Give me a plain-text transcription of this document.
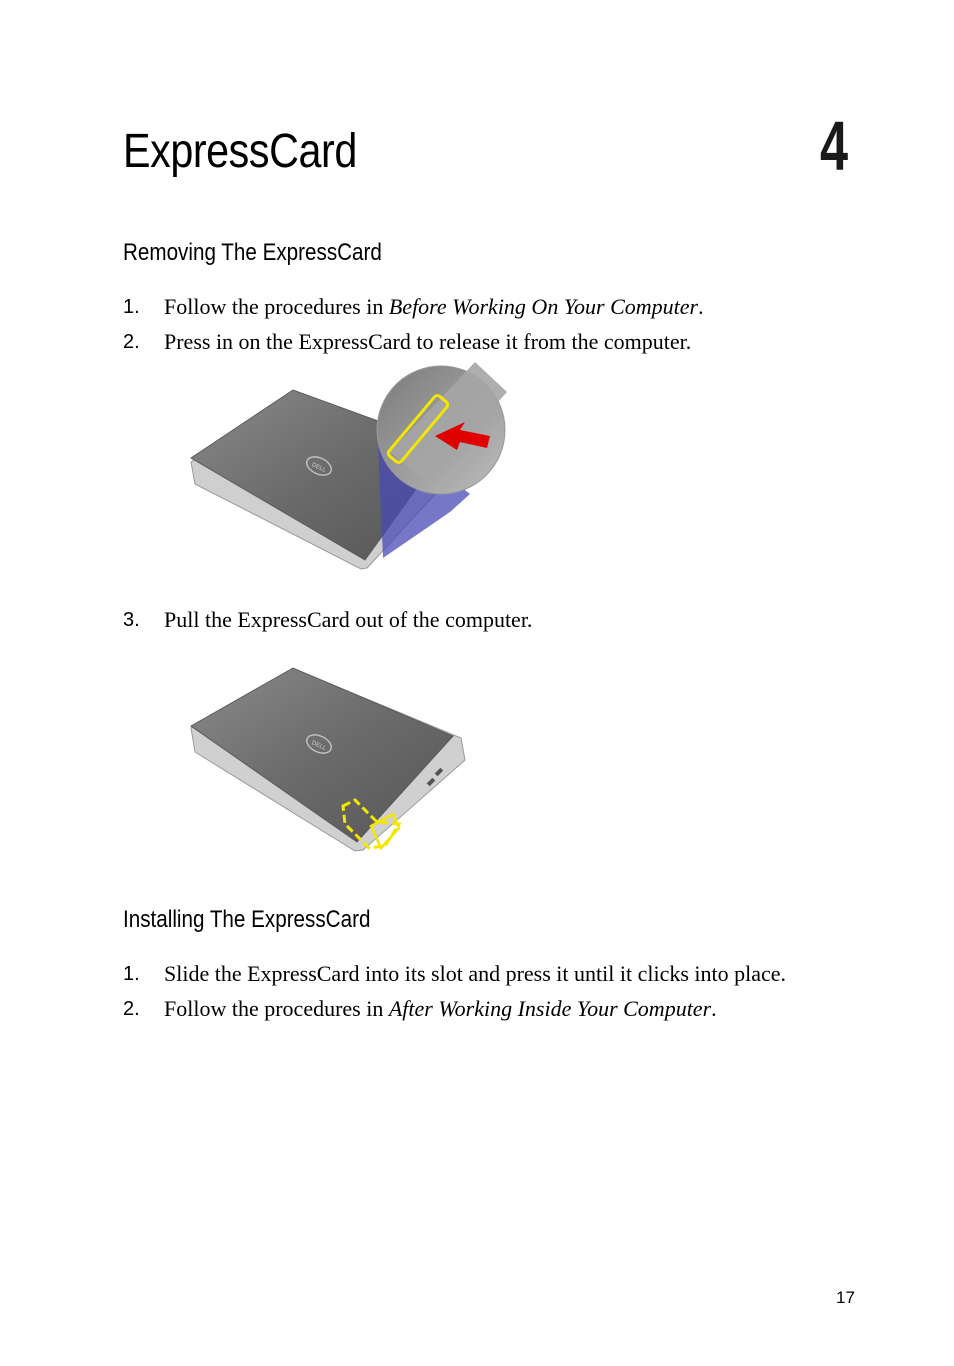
ExpressCard	4
Removing The ExpressCard
1. Follow the procedures in Before Working On Your Computer.
2. Press in on the ExpressCard to release it from the computer.
DELL
3. Pull the ExpressCard out of the computer.
DELL
Installing The ExpressCard
1. Slide the ExpressCard into its slot and press it until it clicks into place.
2. Follow the procedures in After Working Inside Your Computer.
17
